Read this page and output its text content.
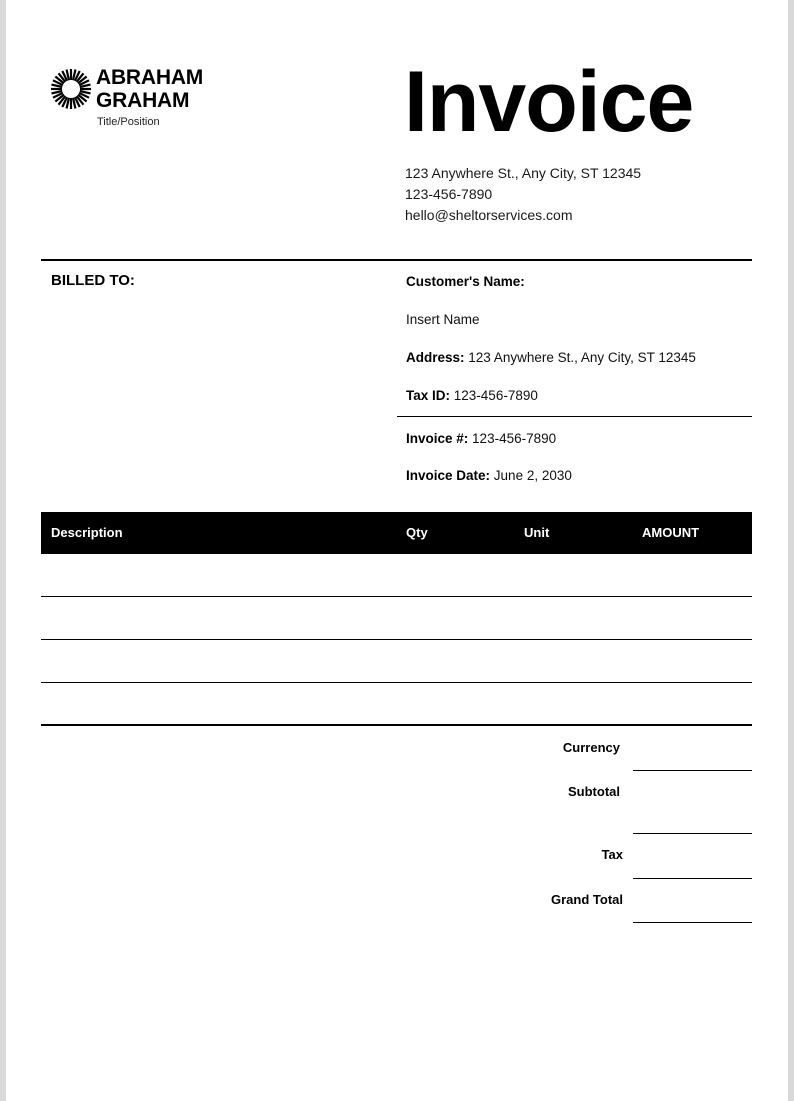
ABRAHAM
GRAHAM
Title/Position	Invoice
123 Anywhere St., Any City, ST 12345
123-456-7890
hello@sheltorservices.com
BILLED TO:	Customer's Name:
Insert Name
Address: 123 Anywhere St., Any City, ST 12345
Tax ID: 123-456-7890
Invoice #: 123-456-7890
Invoice Date: June 2, 2030
Description	Qty	Unit	AMOUNT
Currency
Subtotal
Tax
Grand Total
